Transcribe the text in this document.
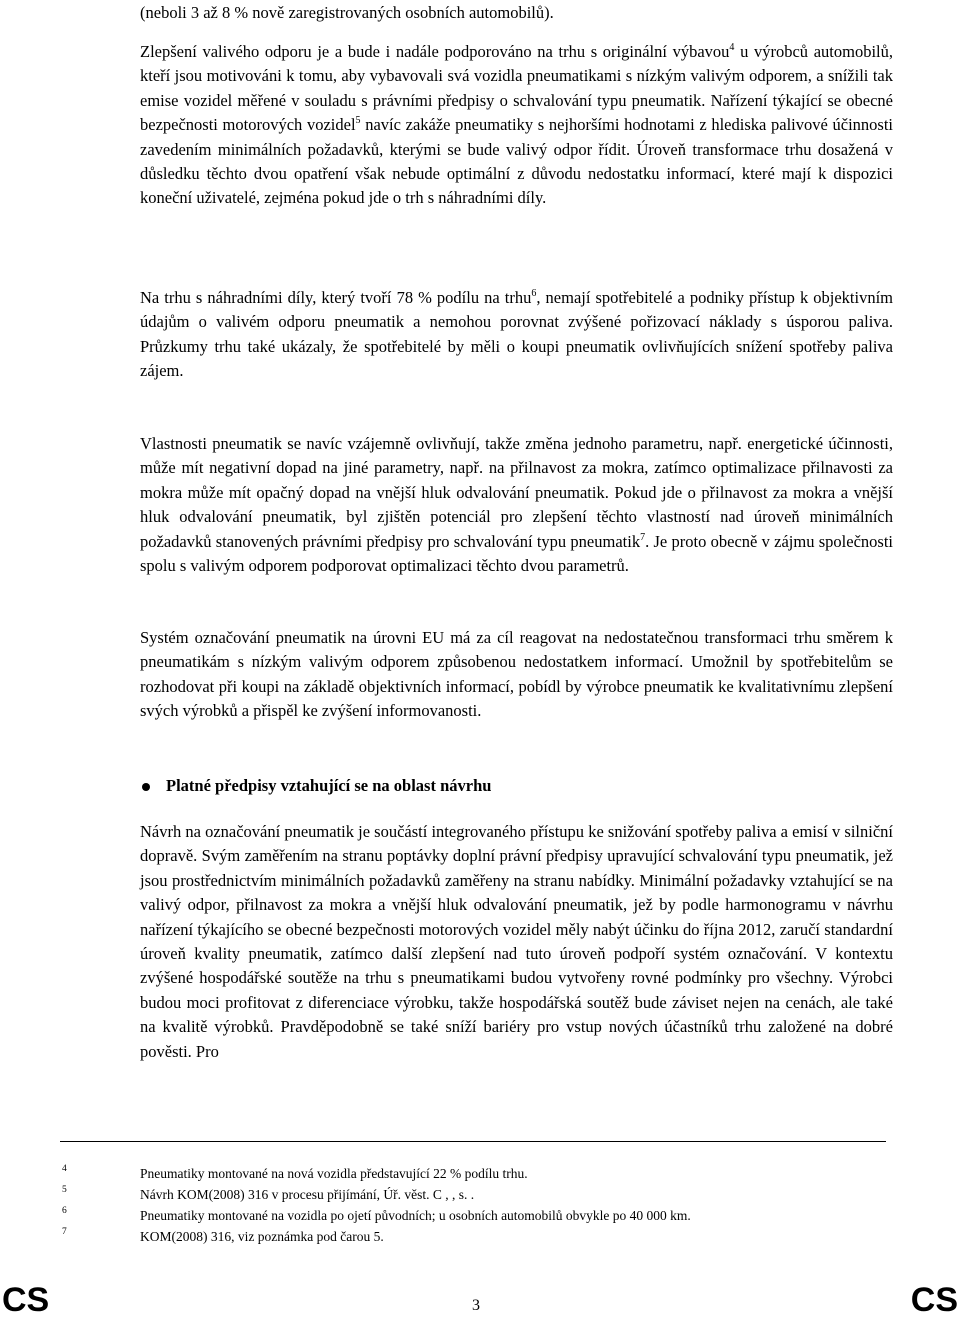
(neboli 3 až 8 % nově zaregistrovaných osobních automobilů).

Zlepšení valivého odporu je a bude i nadále podporováno na trhu s originální výbavou$^4$ u výrobců automobilů, kteří jsou motivováni k tomu, aby vybavovali svá vozidla pneumatikami s nízkým valivým odporem, a snížili tak emise vozidel měřené v souladu s právními předpisy o schvalování typu pneumatik. Nařízení týkající se obecné bezpečnosti motorových vozidel$^5$ navíc zakáže pneumatiky s nejhoršími hodnotami z hlediska palivové účinnosti zavedením minimálních požadavků, kterými se bude valivý odpor řídit. Úroveň transformace trhu dosažená v důsledku těchto dvou opatření však nebude optimální z důvodu nedostatku informací, které mají k dispozici koneční uživatelé, zejména pokud jde o trh s náhradními díly.

Na trhu s náhradními díly, který tvoří 78 % podílu na trhu$^6$, nemají spotřebitelé a podniky přístup k objektivním údajům o valivém odporu pneumatik a nemohou porovnat zvýšené pořizovací náklady s úsporou paliva. Průzkumy trhu také ukázaly, že spotřebitelé by měli o koupi pneumatik ovlivňujících snížení spotřeby paliva zájem.

Vlastnosti pneumatik se navíc vzájemně ovlivňují, takže změna jednoho parametru, např. energetické účinnosti, může mít negativní dopad na jiné parametry, např. na přilnavost za mokra, zatímco optimalizace přilnavosti za mokra může mít opačný dopad na vnější hluk odvalování pneumatik. Pokud jde o přilnavost za mokra a vnější hluk odvalování pneumatik, byl zjištěn potenciál pro zlepšení těchto vlastností nad úroveň minimálních požadavků stanovených právními předpisy pro schvalování typu pneumatik$^7$. Je proto obecně v zájmu společnosti spolu s valivým odporem podporovat optimalizaci těchto dvou parametrů.

Systém označování pneumatik na úrovni EU má za cíl reagovat na nedostatečnou transformaci trhu směrem k pneumatikám s nízkým valivým odporem způsobenou nedostatkem informací. Umožnil by spotřebitelům se rozhodovat při koupi na základě objektivních informací, pobídl by výrobce pneumatik ke kvalitativnímu zlepšení svých výrobků a přispěl ke zvýšení informovanosti.

Platné předpisy vztahující se na oblast návrhu

Návrh na označování pneumatik je součástí integrovaného přístupu ke snižování spotřeby paliva a emisí v silniční dopravě. Svým zaměřením na stranu poptávky doplní právní předpisy upravující schvalování typu pneumatik, jež jsou prostřednictvím minimálních požadavků zaměřeny na stranu nabídky. Minimální požadavky vztahující se na valivý odpor, přilnavost za mokra a vnější hluk odvalování pneumatik, jež by podle harmonogramu v návrhu nařízení týkajícího se obecné bezpečnosti motorových vozidel měly nabýt účinku do října 2012, zaručí standardní úroveň kvality pneumatik, zatímco další zlepšení nad tuto úroveň podpoří systém označování. V kontextu zvýšené hospodářské soutěže na trhu s pneumatikami budou vytvořeny rovné podmínky pro všechny. Výrobci budou moci profitovat z diferenciace výrobku, takže hospodářská soutěž bude záviset nejen na cenách, ale také na kvalitě výrobků. Pravděpodobně se také sníží bariéry pro vstup nových účastníků trhu založené na dobré pověsti. Pro

4	Pneumatiky montované na nová vozidla představující 22 % podílu trhu.
5	Návrh KOM(2008) 316 v procesu přijímání, Úř. věst. C , , s. .
6	Pneumatiky montované na vozidla po ojetí původních; u osobních automobilů obvykle po 40 000 km.
7	KOM(2008) 316, viz poznámka pod čarou 5.
CS	3	CS
